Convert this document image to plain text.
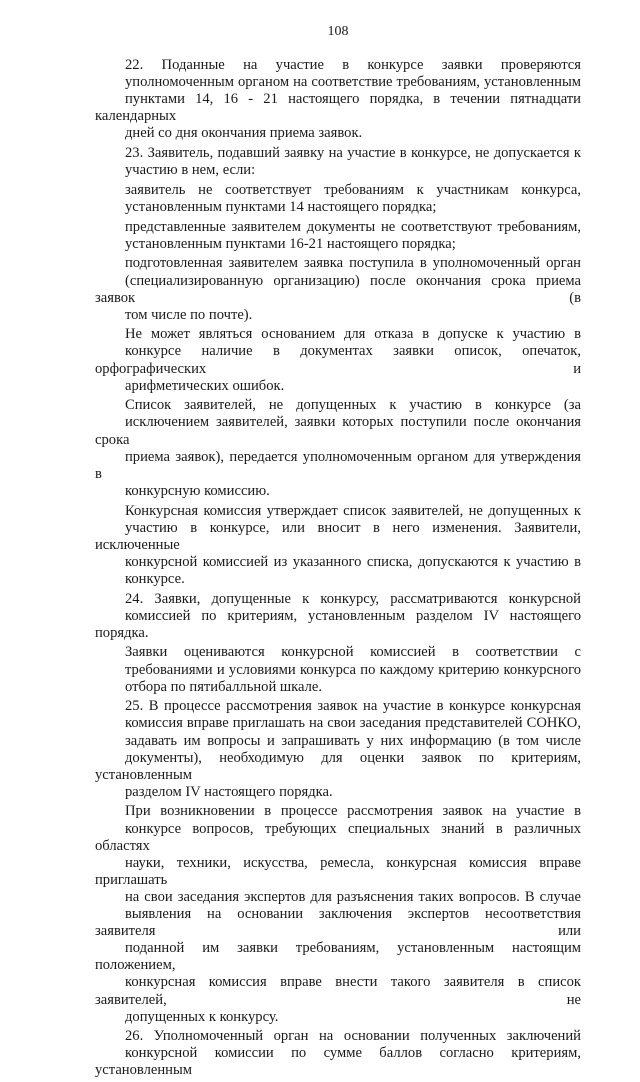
108
22. Поданные на участие в конкурсе заявки проверяются
уполномоченным органом на соответствие требованиям, установленным
пунктами 14, 16 - 21 настоящего порядка, в течении пятнадцати календарных
дней со дня окончания приема заявок.
23. Заявитель, подавший заявку на участие в конкурсе, не допускается к
участию в нем, если:
заявитель не соответствует требованиям к участникам конкурса,
установленным пунктами 14 настоящего порядка;
представленные заявителем документы не соответствуют требованиям,
установленным пунктами 16-21 настоящего порядка;
подготовленная заявителем заявка поступила в уполномоченный орган
(специализированную организацию) после окончания срока приема заявок (в
том числе по почте).
Не может являться основанием для отказа в допуске к участию в
конкурсе наличие в документах заявки описок, опечаток, орфографических и
арифметических ошибок.
Список заявителей, не допущенных к участию в конкурсе (за
исключением заявителей, заявки которых поступили после окончания срока
приема заявок), передается уполномоченным органом для утверждения в
конкурсную комиссию.
Конкурсная комиссия утверждает список заявителей, не допущенных к
участию в конкурсе, или вносит в него изменения. Заявители, исключенные
конкурсной комиссией из указанного списка, допускаются к участию в
конкурсе.
24. Заявки, допущенные к конкурсу, рассматриваются конкурсной
комиссией по критериям, установленным разделом IV настоящего порядка.
Заявки оцениваются конкурсной комиссией в соответствии с
требованиями и условиями конкурса по каждому критерию конкурсного
отбора по пятибалльной шкале.
25. В процессе рассмотрения заявок на участие в конкурсе конкурсная
комиссия вправе приглашать на свои заседания представителей СОНКО,
задавать им вопросы и запрашивать у них информацию (в том числе
документы), необходимую для оценки заявок по критериям, установленным
разделом IV настоящего порядка.
При возникновении в процессе рассмотрения заявок на участие в
конкурсе вопросов, требующих специальных знаний в различных областях
науки, техники, искусства, ремесла, конкурсная комиссия вправе приглашать
на свои заседания экспертов для разъяснения таких вопросов. В случае
выявления на основании заключения экспертов несоответствия заявителя или
поданной им заявки требованиям, установленным настоящим положением,
конкурсная комиссия вправе внести такого заявителя в список заявителей, не
допущенных к конкурсу.
26. Уполномоченный орган на основании полученных заключений
конкурсной комиссии по сумме баллов согласно критериям, установленным
